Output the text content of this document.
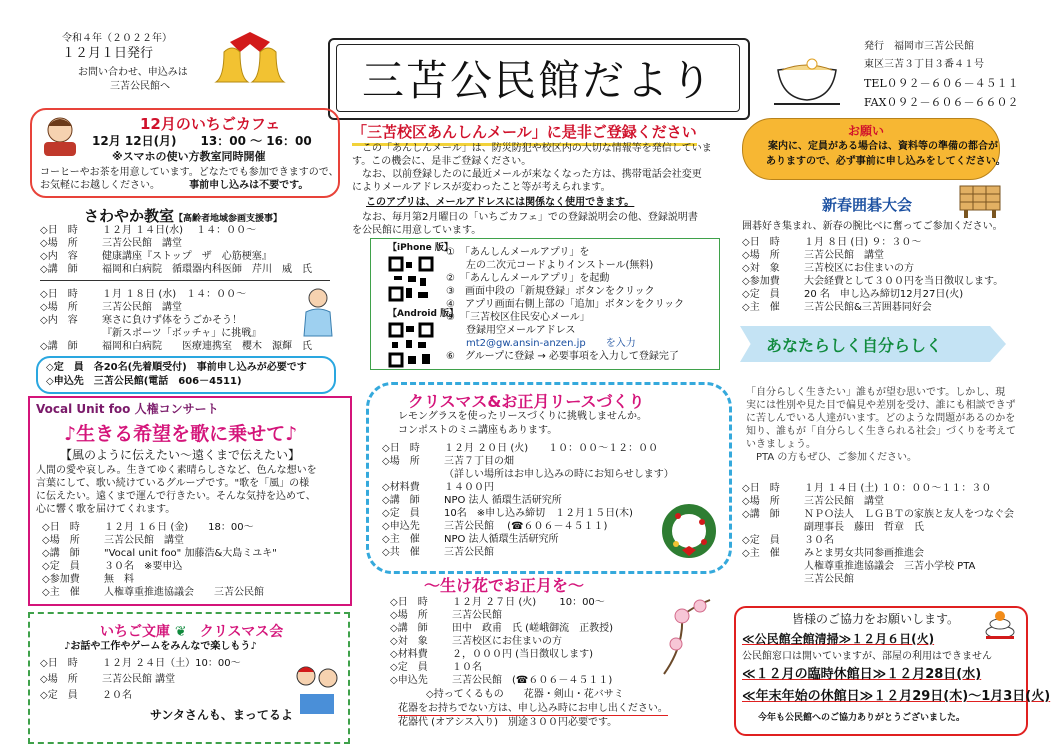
令和４年（２０２２年）
１２月１日発行
お問い合わせ、申込みは
三苫公民館へ	三苫公民館だより
発行 福岡市三苫公民館
東区三苫３丁目３番４１号
TEL０９２－６０６－４５１１
FAX０９２－６０６－６６０２
12月のいちごカフェ
12月 12日(月)　　13：00 ～ 16：00
※スマホの使い方教室同時開催
コーヒーやお茶を用意しています。どなたでも参加できますので、
お気軽にお越しください。	事前申し込みは不要です。
さわやか教室【高齢者地域参画支援事】
◇日　時 １２月 １４日(水)　 １４：００～
◇場　所 三苫公民館　講堂
◇内　容 健康講座『ストップ　ザ　心筋梗塞』
◇講　師 福岡和白病院　循環器内科医師　芹川　威　氏
◇日　時 １月 １８日 (水)　１４：００～
◇場　所 三苫公民館　講堂
◇内　容 寒さに負けず体をうごかそう！
『新スポーツ「ボッチャ」に挑戦』
◇講　師 福岡和白病院　　医療連携室　櫻木　源輝　氏
◇定　員　各20名(先着順受付)　事前申し込みが必要です
◇申込先　三苫公民館(電話　606－4511)
Vocal Unit foo 人権コンサート
♪生きる希望を歌に乗せて♪
【風のように伝えたい～遠くまで伝えたい】
人間の愛や哀しみ。生きてゆく素晴らしさなど、色んな想いを
言葉にして、歌い続けているグループです。"歌を「風」の様
に伝えたい。遠くまで運んで行きたい。そんな気持を込めて、
心に響く歌を届けてくれます。
◇日　時 １２月 １６日 (金)　　18：00～
◇場　所 三苫公民館　講堂
◇講　師 "Vocal unit foo" 加藤浩&大島ミユキ"
◇定　員 ３０名　※要申込
◇参加費 無　料
◇主　催 人権尊重推進協議会　　三苫公民館
いちご文庫 ❦ クリスマス会
♪お話や工作やゲームをみんなで楽しもう♪
◇日　時 １２月 ２４日（土）10：00～
◇場　所 三苫公民館 講堂
◇定　員 ２０名
サンタさんも、まってるよ
「三苫校区あんしんメール」に是非ご登録ください
　この「あんしんメール」は、防災防犯や校区内の大切な情報等を発信していま
す。この機会に、是非ご登録ください。
　なお、以前登録したのに最近メールが来なくなった方は、携帯電話会社変更
によりメールアドレスが変わったこと等が考えられます。
このアプリは、メールアドレスには関係なく使用できます。
　なお、毎月第2月曜日の「いちごカフェ」での登録説明会の他、登録説明書
を公民館に用意しています。
【iPhone 版】
【Android 版】
①　「あんしんメールアプリ」を
　　左の二次元コードよりインストール(無料)
②　「あんしんメールアプリ」を起動
③　画面中段の「新規登録」ボタンをクリック
④　アプリ画面右側上部の「追加」ボタンをクリック
⑤　「三苫校区住民安心メール」
　　登録用空メールアドレス
　　mt2@gw.ansin-anzen.jp　　を入力
⑥　グループに登録 → 必要事項を入力して登録完了
クリスマス&お正月リースづくり
レモングラスを使ったリースづくりに挑戦しませんか。
コンポストのミニ講座もあります。
◇日　時 １２月 ２０日 (火)　　１０：００～１２：００
◇場　所 三苫７丁目の畑
（詳しい場所はお申し込みの時にお知らせします）
◇材料費 １４００円
◇講　師 NPO 法人 循環生活研究所
◇定　員 10名　※申し込み締切　１２月１５日(木)
◇申込先 三苫公民館　 (☎６０６－４５１１)
◇主　催 NPO 法人循環生活研究所
◇共　催 三苫公民館
～生け花でお正月を～
◇日　時 １２月 ２７日 (火)　　 10：00～
◇場　所 三苫公民館
◇講　師 田中　政甫　氏 (嵯峨御流　正教授)
◇対　象 三苫校区にお住まいの方
◇材料費 ２，０００円 (当日徴収します)
◇定　員 １０名
◇申込先 三苫公民館　(☎６０６－４５１１)
◇持ってくるもの　　花器・剣山・花バサミ
花器をお持ちでない方は、申し込み時にお申し出ください。
花器代 (オアシス入り)　別途３００円必要です。
お願い
案内に、定員がある場合は、資料等の準備の都合が
ありますので、必ず事前に申し込みをしてください。
新春囲碁大会
囲碁好き集まれ、新春の腕比べに奮ってご参加ください。
◇日　時 １月 ８日 (日) ９：３０～
◇場　所 三苫公民館　講堂
◇対　象 三苫校区にお住まいの方
◇参加費 大会経費として３００円を当日徴収します。
◇定　員 20 名　申し込み締切12月27日(火)
◇主　催 三苫公民館&三苫囲碁同好会
あなたらしく自分らしく
「自分らしく生きたい」誰もが望む思いです。しかし、現
実には性別や見た目で偏見や差別を受け、誰にも相談できず
に苦しんでいる人達がいます。どのような問題があるのかを
知り、誰もが「自分らしく生きられる社会」づくりを考えて
いきましょう。
　PTA の方もぜひ、ご参加ください。
◇日　時 １月 １４日 (土) １０：００～１１：３０
◇場　所 三苫公民館　講堂
◇講　師 ＮＰＯ法人　ＬＧＢＴの家族と友人をつなぐ会
副理事長　藤田　哲章　氏
◇定　員 ３０名
◇主　催 みとま男女共同参画推進会
人権尊重推進協議会　三苫小学校 PTA
三苫公民館
皆様のご協力をお願いします。
≪公民館全館清掃≫１２月６日(火)
公民館窓口は開いていますが、部屋の利用はできません
≪１２月の臨時休館日≫１２月28日(水)
≪年末年始の休館日≫１２月29日(木)～1月3日(火)
今年も公民館へのご協力ありがとうございました。
